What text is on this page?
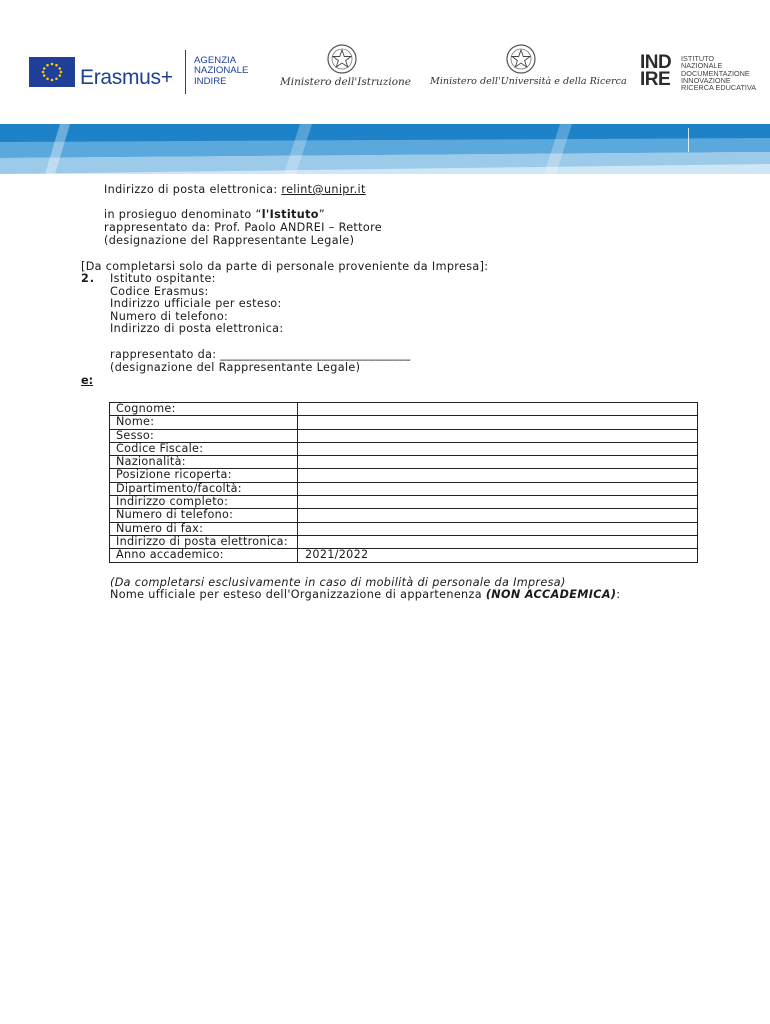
Erasmus+
AGENZIA
NAZIONALE
INDIRE	Ministero dell'Istruzione Ministero dell'Università e della Ricerca
IND
IRE
ISTITUTO
NAZIONALE
DOCUMENTAZIONE
INNOVAZIONE
RICERCA EDUCATIVA
Indirizzo di posta elettronica: relint@unipr.it
in prosieguo denominato “l'Istituto”
rappresentato da: Prof. Paolo ANDREI – Rettore
(designazione del Rappresentante Legale)
[Da completarsi solo da parte di personale proveniente da Impresa]:
2. Istituto ospitante:
Codice Erasmus:
Indirizzo ufficiale per esteso:
Numero di telefono:
Indirizzo di posta elettronica:
rappresentato da: ________________________________
(designazione del Rappresentante Legale)
e:
Cognome:	
Nome:	
Sesso:	
Codice Fiscale:	
Nazionalità:	
Posizione ricoperta:	
Dipartimento/facoltà:	
Indirizzo completo:	
Numero di telefono:	
Numero di fax:	
Indirizzo di posta elettronica:	
Anno accademico:	2021/2022
(Da completarsi esclusivamente in caso di mobilità di personale da Impresa)
Nome ufficiale per esteso dell'Organizzazione di appartenenza (NON ACCADEMICA):
